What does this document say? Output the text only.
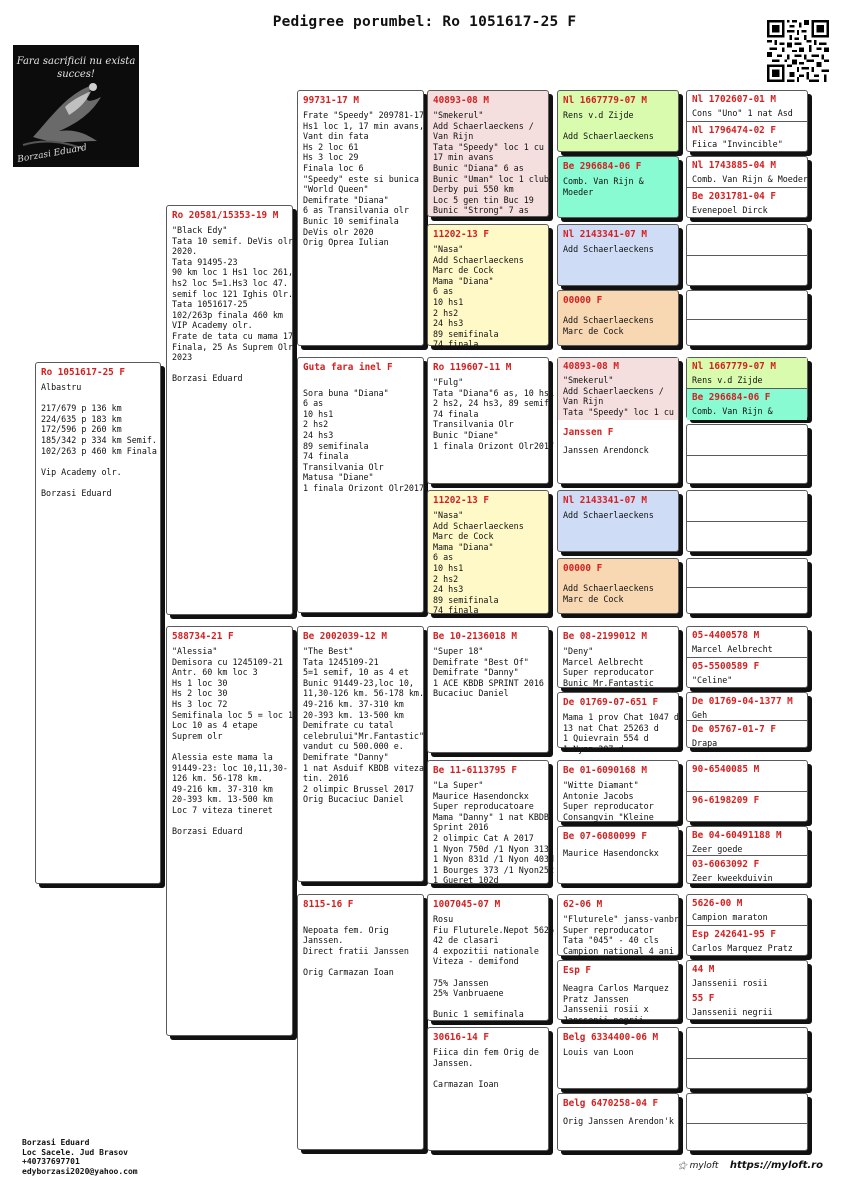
Pedigree porumbel: Ro 1051617-25 F
Fara sacrificii nu exista succes!
Borzasi Eduard
Ro 1051617-25 F
Albastru
217/679 p 136 km
224/635 p 183 km
172/596 p 260 km
185/342 p 334 km Semif.
102/263 p 460 km Finala
Vip Academy olr.
Borzasi Eduard
Ro 20581/15353-19 M
"Black Edy"
Tata 10 semif. DeVis olr
2020.
Tata 91495-23
90 km loc 1 Hs1 loc 261,
hs2 loc 5=1.Hs3 loc 47.
semif loc 121 Ighis Olr.
Tata 1051617-25
102/263p finala 460 km
VIP Academy olr.
Frate de tata cu mama 17
Finala, 25 As Suprem Olr
2023
Borzasi Eduard
588734-21 F
"Alessia"
Demisora cu 1245109-21
Antr. 60 km loc 3
Hs 1 loc 30
Hs 2 loc 30
Hs 3 loc 72
Semifinala loc 5 = loc 1
Loc 10 as 4 etape
Suprem olr
Alessia este mama la
91449-23: loc 10,11,30-
126 km. 56-178 km.
49-216 km. 37-310 km
20-393 km. 13-500 km
Loc 7 viteza tineret
Borzasi Eduard
99731-17 M
Frate "Speedy" 209781-17
Hs1 loc 1, 17 min avans,
Vant din fata
Hs 2 loc 61
Hs 3 loc 29
Finala loc 6
"Speedy" este si bunica
"World Queen"
Demifrate "Diana"
6 as Transilvania olr
Bunic 10 semifinala
DeVis olr 2020
Orig Oprea Iulian
Guta fara inel F
Sora buna "Diana"
6 as
10 hs1
2 hs2
24 hs3
89 semifinala
74 finala
Transilvania Olr
Matusa "Diane"
1 finala Orizont Olr2017
Be 2002039-12 M
"The Best"
Tata 1245109-21
5=1 semif, 10 as 4 et
Bunic 91449-23,loc 10,
11,30-126 km. 56-178 km.
49-216 km. 37-310 km
20-393 km. 13-500 km
Demifrate cu tatal
celebrului"Mr.Fantastic"
vandut cu 500.000 e.
Demifrate "Danny"
1 nat Asduif KBDB viteza
tin. 2016
2 olimpic Brussel 2017
Orig Bucaciuc Daniel
8115-16 F
Nepoata fem. Orig
Janssen.
Direct fratii Janssen
Orig Carmazan Ioan
40893-08 M
"Smekerul"
Add Schaerlaeckens /
Van Rijn
Tata "Speedy" loc 1 cu
17 min avans
Bunic "Diana" 6 as
Bunic "Uman" loc 1 club
Derby pui 550 km
Loc 5 gen tin Buc 19
Bunic "Strong" 7 as
11202-13 F
"Nasa"
Add Schaerlaeckens
Marc de Cock
Mama "Diana"
6 as
10 hs1
2 hs2
24 hs3
89 semifinala
74 finala
Ro 119607-11 M
"Fulg"
Tata "Diana"6 as, 10 hs1
2 hs2, 24 hs3, 89 semif
74 finala
Transilvania Olr
Bunic "Diane"
1 finala Orizont Olr2017
11202-13 F
"Nasa"
Add Schaerlaeckens
Marc de Cock
Mama "Diana"
6 as
10 hs1
2 hs2
24 hs3
89 semifinala
74 finala
Be 10-2136018 M
"Super 18"
Demifrate "Best Of"
Demifrate "Danny"
1 ACE KBDB SPRINT 2016
Bucaciuc Daniel
Be 11-6113795 F
"La Super"
Maurice Hasendonckx
Super reproducatoare
Mama "Danny" 1 nat KBDB
Sprint 2016
2 olimpic Cat A 2017
1 Nyon 750d /1 Nyon 313
1 Nyon 831d /1 Nyon 403d
1 Bourges 373 /1 Nyon252
1 Gueret 102d
1007045-07 M
Rosu
Fiu Fluturele.Nepot 5626
42 de clasari
4 expozitii nationale
Viteza - demifond
75% Janssen
25% Vanbruaene
Bunic 1 semifinala
30616-14 F
Fiica din fem Orig de
Janssen.
Carmazan Ioan
Nl 1667779-07 M
Rens v.d Zijde
Add Schaerlaeckens
Be 296684-06 F
Comb. Van Rijn &
Moeder
Nl 2143341-07 M
Add Schaerlaeckens
00000 F
Add Schaerlaeckens
Marc de Cock
40893-08 M
"Smekerul"
Add Schaerlaeckens /
Van Rijn
Tata "Speedy" loc 1 cu
Janssen F
Janssen Arendonck
Nl 2143341-07 M
Add Schaerlaeckens
00000 F
Add Schaerlaeckens
Marc de Cock
Be 08-2199012 M
"Deny"
Marcel Aelbrecht
Super reproducator
Bunic Mr.Fantastic
De 01769-07-651 F
Mama 1 prov Chat 1047 d
13 nat Chat 25263 d
1 Quievrain 554 d
1 Nyon 207 d
Be 01-6090168 M
"Witte Diamant"
Antonie Jacobs
Super reproducator
Consangvin "Kleine
Be 07-6080099 F
Maurice Hasendonckx
62-06 M
"Fluturele" janss-vanbr.
Super reproducator
Tata "045" - 40 cls
Campion national 4 ani
Esp F
Neagra Carlos Marquez
Pratz Janssen
Janssenii rosii x
Janssenii negrii
Belg 6334400-06 M
Louis van Loon
Belg 6470258-04 F
Orig Janssen Arendon'k
Nl 1702607-01 M
Cons "Uno" 1 nat Asd
Nl 1796474-02 F
Fiica "Invincible"
Nl 1743885-04 M
Comb. Van Rijn & Moeder
Be 2031781-04 F
Evenepoel Dirck
Nl 1667779-07 M
Rens v.d Zijde
Be 296684-06 F
Comb. Van Rijn &
05-4400578 M
Marcel Aelbrecht
05-5500589 F
"Celine"
De 01769-04-1377 M
Geh
De 05767-01-7 F
Drapa
90-6540085 M
96-6198209 F
Be 04-60491188 M
Zeer goede
03-6063092 F
Zeer kweekduivin
5626-00 M
Campion maraton
Esp 242641-95 F
Carlos Marquez Pratz
44 M
Janssenii rosii
55 F
Janssenii negrii
Borzasi Eduard
Loc Sacele. Jud Brasov
+40737697701
edyborzasi2020@yahoo.com
⚝ myloft https://myloft.ro
